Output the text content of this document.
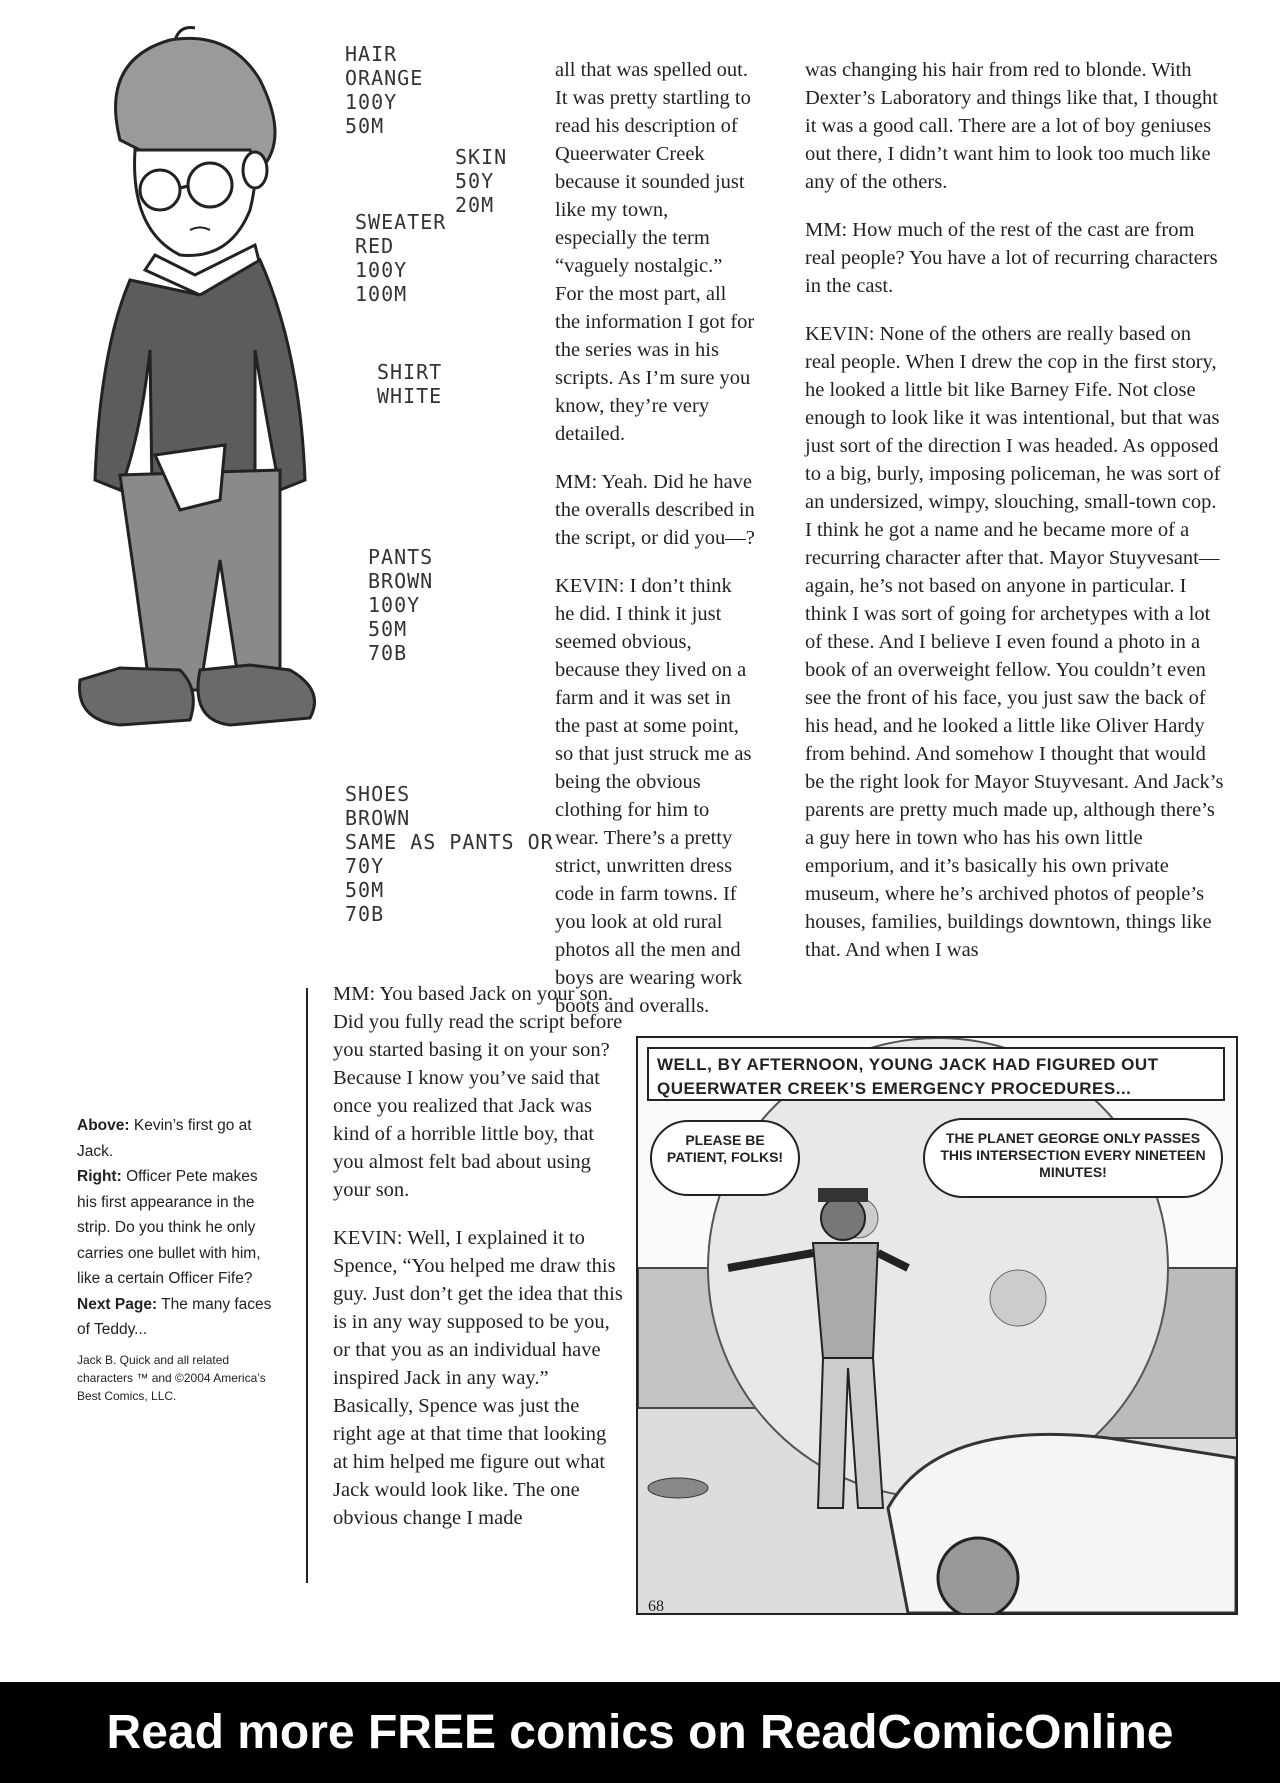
HAIR
ORANGE
100Y
50M
SKIN
50Y
20M
SWEATER
RED
100Y
100M
SHIRT
WHITE
PANTS
BROWN
100Y
50M
70B
SHOES
BROWN
SAME AS PANTS OR
70Y
50M
70B

all that was spelled out. It was pretty startling to read his description of Queerwater Creek because it sounded just like my town, especially the term “vaguely nostalgic.” For the most part, all the information I got for the series was in his scripts. As I’m sure you know, they’re very detailed.

MM: Yeah. Did he have the overalls described in the script, or did you—?

KEVIN: I don’t think he did. I think it just seemed obvious, because they lived on a farm and it was set in the past at some point, so that just struck me as being the obvious clothing for him to wear. There’s a pretty strict, unwritten dress code in farm towns. If you look at old rural photos all the men and boys are wearing work boots and overalls.

was changing his hair from red to blonde. With Dexter’s Laboratory and things like that, I thought it was a good call. There are a lot of boy geniuses out there, I didn’t want him to look too much like any of the others.

MM: How much of the rest of the cast are from real people? You have a lot of recurring characters in the cast.

KEVIN: None of the others are really based on real people. When I drew the cop in the first story, he looked a little bit like Barney Fife. Not close enough to look like it was intentional, but that was just sort of the direction I was headed. As opposed to a big, burly, imposing policeman, he was sort of an undersized, wimpy, slouching, small-town cop. I think he got a name and he became more of a recurring character after that. Mayor Stuyvesant—again, he’s not based on anyone in particular. I think I was sort of going for archetypes with a lot of these. And I believe I even found a photo in a book of an overweight fellow. You couldn’t even see the front of his face, you just saw the back of his head, and he looked a little like Oliver Hardy from behind. And somehow I thought that would be the right look for Mayor Stuyvesant. And Jack’s parents are pretty much made up, although there’s a guy here in town who has his own little emporium, and it’s basically his own private museum, where he’s archived photos of people’s houses, families, buildings downtown, things like that. And when I was

MM: You based Jack on your son. Did you fully read the script before you started basing it on your son? Because I know you’ve said that once you realized that Jack was kind of a horrible little boy, that you almost felt bad about using your son.

KEVIN: Well, I explained it to Spence, “You helped me draw this guy. Just don’t get the idea that this is in any way supposed to be you, or that you as an individual have inspired Jack in any way.” Basically, Spence was just the right age at that time that looking at him helped me figure out what Jack would look like. The one obvious change I made

Above: Kevin’s first go at Jack.

Right: Officer Pete makes his first appearance in the strip. Do you think he only carries one bullet with him, like a certain Officer Fife?

Next Page: The many faces of Teddy...

Jack B. Quick and all related characters ™ and ©2004 America’s Best Comics, LLC.

WELL, BY AFTERNOON, YOUNG JACK HAD FIGURED OUT
QUEERWATER CREEK’S EMERGENCY PROCEDURES...
PLEASE BE PATIENT, FOLKS!
THE PLANET GEORGE ONLY PASSES THIS INTERSECTION EVERY NINETEEN MINUTES!
68
Read more FREE comics on ReadComicOnline
